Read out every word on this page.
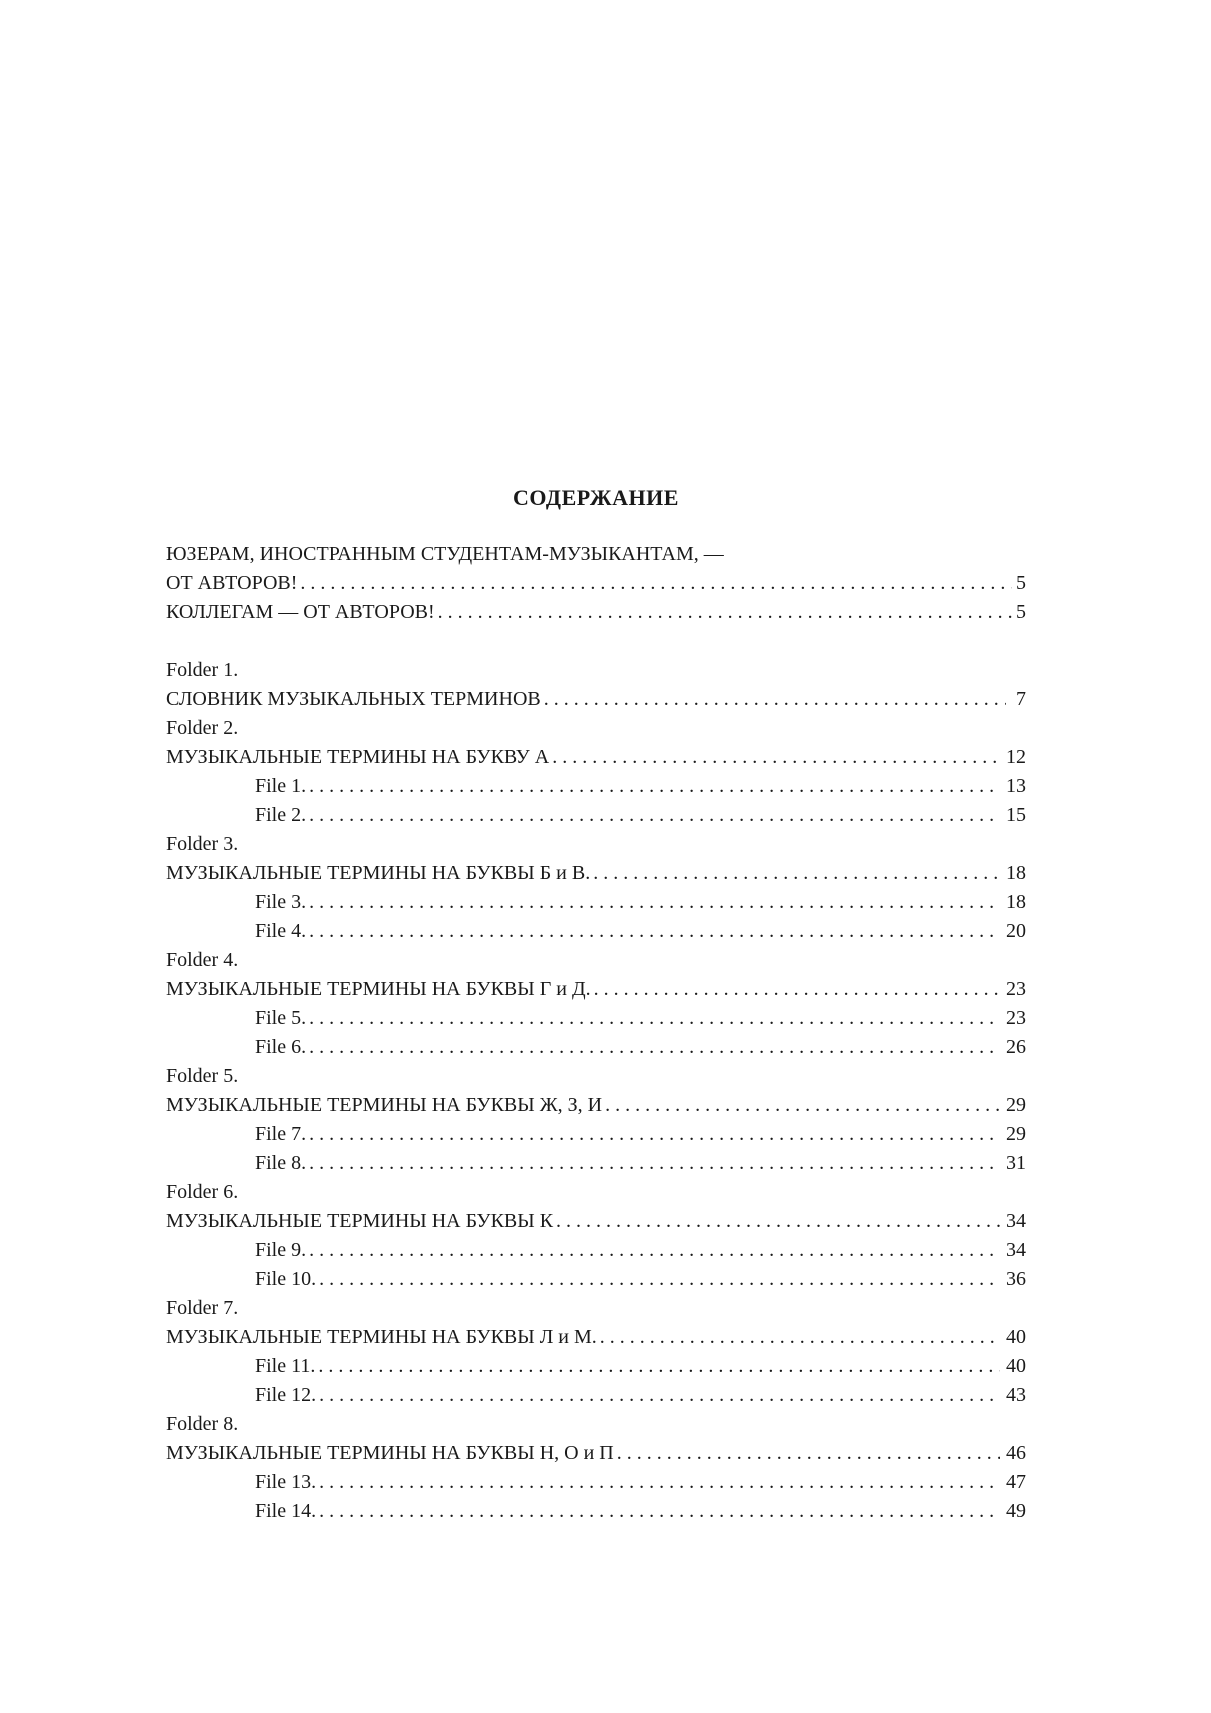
СОДЕРЖАНИЕ
ЮЗЕРАМ, ИНОСТРАННЫМ СТУДЕНТАМ-МУЗЫКАНТАМ, —
ОТ АВТОРОВ! . . .	5
КОЛЛЕГАМ — ОТ АВТОРОВ! . . .	5
Folder 1.
СЛОВНИК МУЗЫКАЛЬНЫХ ТЕРМИНОВ . . .	7
Folder 2.
МУЗЫКАЛЬНЫЕ ТЕРМИНЫ НА БУКВУ А . . .	12
File 1. . . .	13
File 2. . . .	15
Folder 3.
МУЗЫКАЛЬНЫЕ ТЕРМИНЫ НА БУКВЫ Б и В. . . .	18
File 3. . . .	18
File 4. . . .	20
Folder 4.
МУЗЫКАЛЬНЫЕ ТЕРМИНЫ НА БУКВЫ Г и Д. . . .	23
File 5. . . .	23
File 6. . . .	26
Folder 5.
МУЗЫКАЛЬНЫЕ ТЕРМИНЫ НА БУКВЫ Ж, З, И . . .	29
File 7. . . .	29
File 8. . . .	31
Folder 6.
МУЗЫКАЛЬНЫЕ ТЕРМИНЫ НА БУКВЫ К . . .	34
File 9. . . .	34
File 10. . . .	36
Folder 7.
МУЗЫКАЛЬНЫЕ ТЕРМИНЫ НА БУКВЫ Л и М. . . .	40
File 11. . . .	40
File 12. . . .	43
Folder 8.
МУЗЫКАЛЬНЫЕ ТЕРМИНЫ НА БУКВЫ Н, О и П . . .	46
File 13. . . .	47
File 14. . . .	49
